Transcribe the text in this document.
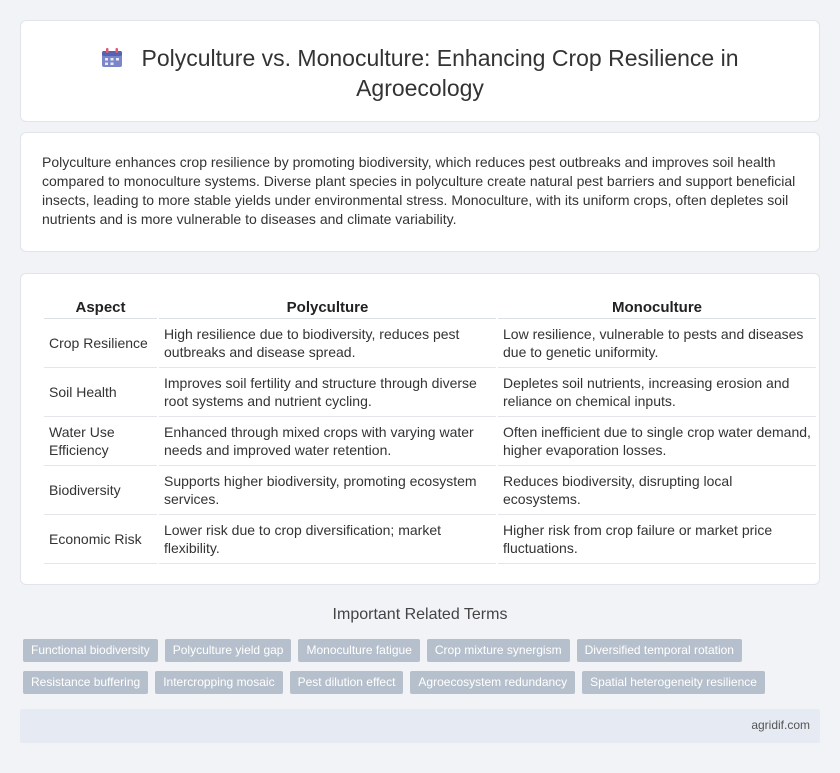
Polyculture vs. Monoculture: Enhancing Crop Resilience in
Agroecology

Polyculture enhances crop resilience by promoting biodiversity, which reduces pest outbreaks and improves soil health compared to monoculture systems. Diverse plant species in polyculture create natural pest barriers and support beneficial insects, leading to more stable yields under environmental stress. Monoculture, with its uniform crops, often depletes soil nutrients and is more vulnerable to diseases and climate variability.

Aspect	Polyculture	Monoculture
Crop Resilience	High resilience due to biodiversity, reduces pest outbreaks and disease spread.	Low resilience, vulnerable to pests and diseases due to genetic uniformity.
Soil Health	Improves soil fertility and structure through diverse root systems and nutrient cycling.	Depletes soil nutrients, increasing erosion and reliance on chemical inputs.
Water Use Efficiency	Enhanced through mixed crops with varying water needs and improved water retention.	Often inefficient due to single crop water demand, higher evaporation losses.
Biodiversity	Supports higher biodiversity, promoting ecosystem services.	Reduces biodiversity, disrupting local ecosystems.
Economic Risk	Lower risk due to crop diversification; market flexibility.	Higher risk from crop failure or market price fluctuations.
Important Related Terms
Functional biodiversity	Polyculture yield gap	Monoculture fatigue	Crop mixture synergism	Diversified temporal rotation
Resistance buffering	Intercropping mosaic	Pest dilution effect	Agroecosystem redundancy	Spatial heterogeneity resilience
agridif.com
